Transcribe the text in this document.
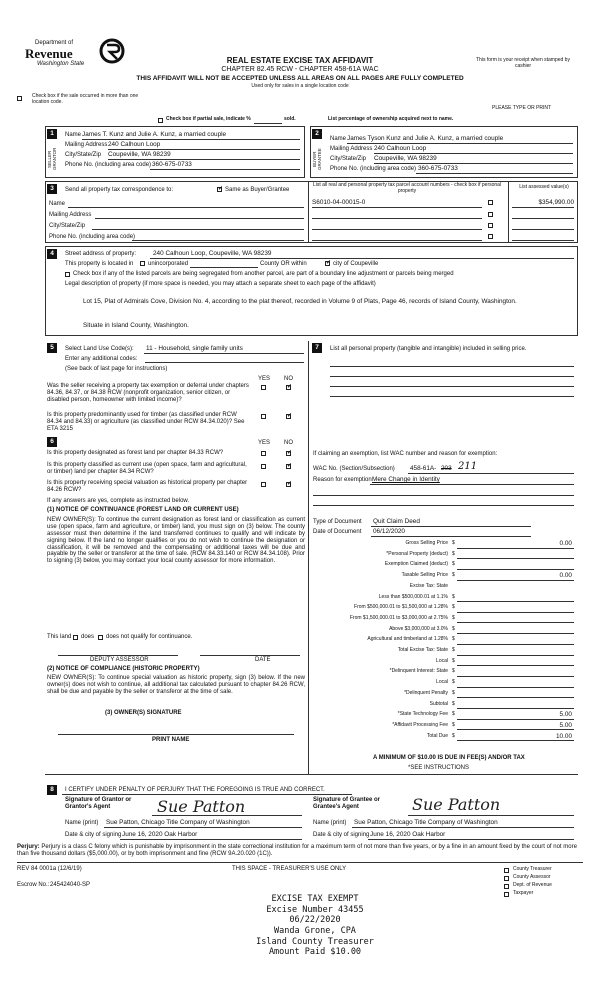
Department of
Revenue
Washington State	REAL ESTATE EXCISE TAX AFFIDAVIT
CHAPTER 82.45 RCW - CHAPTER 458-61A WAC
THIS AFFIDAVIT WILL NOT BE ACCEPTED UNLESS ALL AREAS ON ALL PAGES ARE FULLY COMPLETED
Used only for sales in a single location code
This form is your receipt when stamped by cashier
Check box if the sale occurred in more than one location code.
PLEASE TYPE OR PRINT
Check box if partial sale, indicate %	sold.	List percentage of ownership acquired next to name.
1
SELLER GRANTOR
Name James T. Kunz and Julie A. Kunz, a married couple
Mailing Address 240 Calhoun Loop
City/State/Zip Coupeville, WA 98239
Phone No. (including area code) 360-675-0733
2
BUYER GRANTEE
Name James Tyson Kunz and Julie A. Kunz, a married couple
Mailing Address 240 Calhoun Loop
City/State/Zip Coupeville, WA 98239
Phone No. (including area code) 360-675-0733
3	Send all property tax correspondence to: ✓	Same as Buyer/Grantee
Name
Mailing Address
City/State/Zip
Phone No. (including area code)
List all real and personal property tax parcel account numbers - check box if personal property
List assessed value(s)
S6010-04-00015-0	$354,990.00
4	Street address of property:	240 Calhoun Loop, Coupeville, WA 98239
This property is located in unincorporated	County OR within ✓	city of Coupeville
Check box if any of the listed parcels are being segregated from another parcel, are part of a boundary line adjustment or parcels being merged
Legal description of property (if more space is needed, you may attach a separate sheet to each page of the affidavit)
Lot 15, Plat of Admirals Cove, Division No. 4, according to the plat thereof, recorded in Volume 9 of Plats, Page 46, records of Island County, Washington.
Situate in Island County, Washington.
5	Select Land Use Code(s): 11 - Household, single family units
Enter any additional codes:
(See back of last page for instructions)
YES NO
Was the seller receiving a property tax exemption or deferral under chapters 84.36, 84.37, or 84.38 RCW (nonprofit organization, senior citizen, or disabled person, homeowner with limited income)?
✓
Is this property predominantly used for timber (as classified under RCW 84.34 and 84.33) or agriculture (as classified under RCW 84.34.020)? See ETA 3215
✓
6	YES NO
Is this property designated as forest land per chapter 84.33 RCW?
✓
Is this property classified as current use (open space, farm and agricultural, or timber) land per chapter 84.34 RCW?
✓
Is this property receiving special valuation as historical property per chapter 84.26 RCW?
✓
If any answers are yes, complete as instructed below.
(1) NOTICE OF CONTINUANCE (FOREST LAND OR CURRENT USE)
NEW OWNER(S): To continue the current designation as forest land or classification as current use (open space, farm and agriculture, or timber) land, you must sign on (3) below. The county assessor must then determine if the land transferred continues to qualify and will indicate by signing below. If the land no longer qualifies or you do not wish to continue the designation or classification, it will be removed and the compensating or additional taxes will be due and payable by the seller or transferor at the time of sale. (RCW 84.33.140 or RCW 84.34.108). Prior to signing (3) below, you may contact your local county assessor for more information.
This land does does not qualify for continuance.
DEPUTY ASSESSOR	DATE
(2) NOTICE OF COMPLIANCE (HISTORIC PROPERTY)
NEW OWNER(S): To continue special valuation as historic property, sign (3) below. If the new owner(s) does not wish to continue, all additional tax calculated pursuant to chapter 84.26 RCW, shall be due and payable by the seller or transferor at the time of sale.
(3) OWNER(S) SIGNATURE
PRINT NAME
7	List all personal property (tangible and intangible) included in selling price.
If claiming an exemption, list WAC number and reason for exemption:
WAC No. (Section/Subsection) 458-61A- 203 211
Reason for exemption Mere Change in Identity
Type of Document Quit Claim Deed
Date of Document 06/12/2020
Gross Selling Price $	0.00
*Personal Property (deduct) $
Exemption Claimed (deduct) $
Taxable Selling Price $	0.00
Excise Tax: State
Less than $500,000.01 at 1.1% $
From $500,000.01 to $1,500,000 at 1.28% $
From $1,500,000.01 to $3,000,000 at 2.75% $
Above $3,000,000 at 3.0% $
Agricultural and timberland at 1.28% $
Total Excise Tax: State $
Local $
*Delinquent Interest: State $
Local $
*Delinquent Penalty $
Subtotal $
*State Technology Fee $	5.00
*Affidavit Processing Fee $	5.00
Total Due $	10.00
A MINIMUM OF $10.00 IS DUE IN FEE(S) AND/OR TAX
*SEE INSTRUCTIONS
8	I CERTIFY UNDER PENALTY OF PERJURY THAT THE FOREGOING IS TRUE AND CORRECT.
Signature of Grantor or Grantor's Agent	Sue Patton	Signature of Grantee or Grantee's Agent	Sue Patton
Name (print) Sue Patton, Chicago Title Company of Washington	Name (print) Sue Patton, Chicago Title Company of Washington
Date & city of signing June 16, 2020 Oak Harbor	Date & city of signing June 16, 2020 Oak Harbor
Perjury: Perjury is a class C felony which is punishable by imprisonment in the state correctional institution for a maximum term of not more than five years, or by a fine in an amount fixed by the court of not more than five thousand dollars ($5,000.00), or by both imprisonment and fine (RCW 9A.20.020 (1C)).
REV 84 0001a (12/6/19)	THIS SPACE - TREASURER'S USE ONLY
Escrow No.: 245424040-SP
County Treasurer
County Assessor
Dept. of Revenue
Taxpayer
EXCISE TAX EXEMPT
Excise Number 43455
06/22/2020
Wanda Grone, CPA
Island County Treasurer
Amount Paid $10.00
